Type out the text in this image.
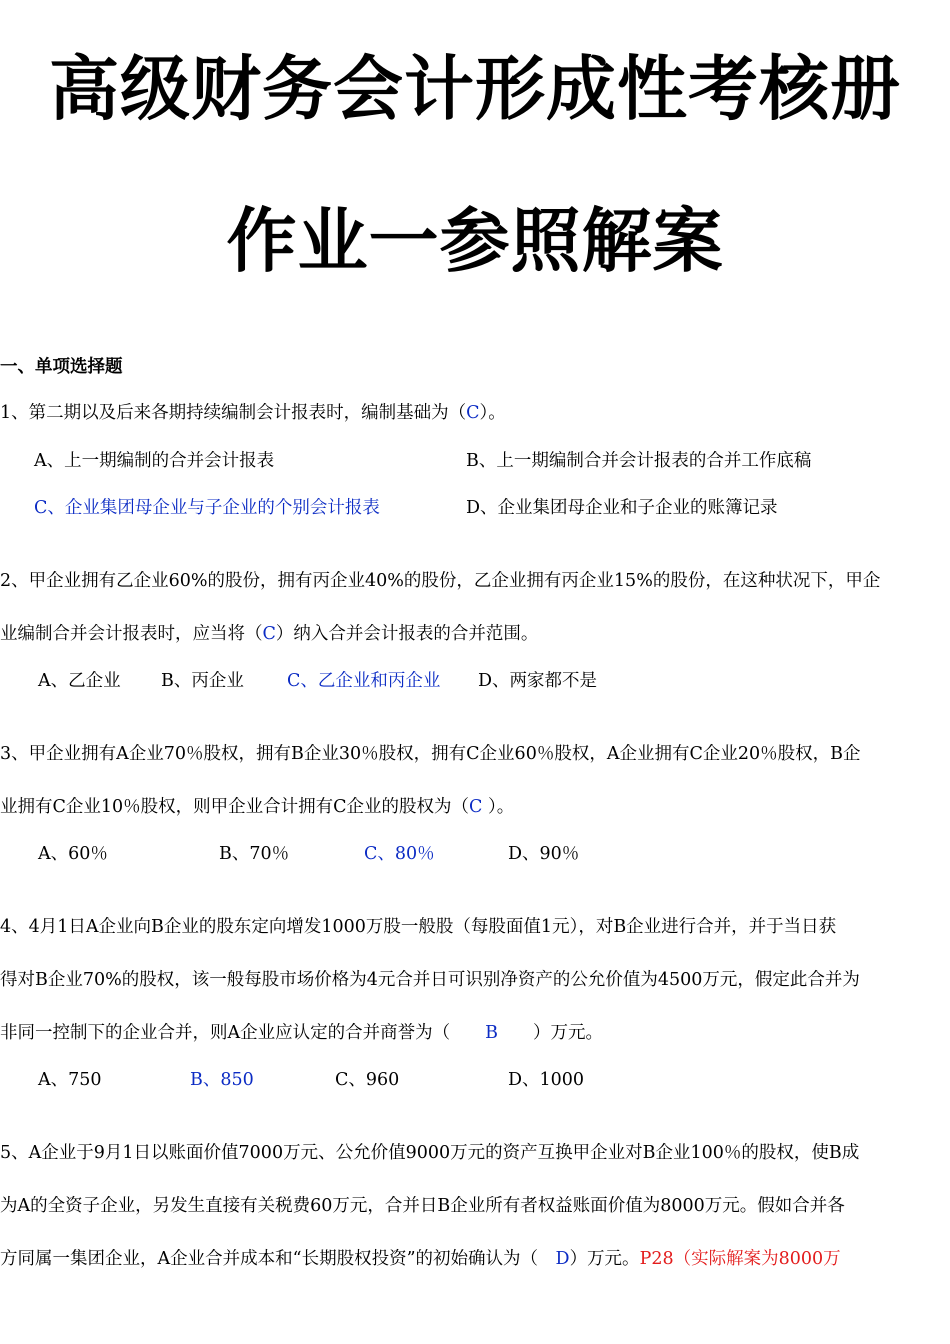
高级财务会计形成性考核册
作业一参照解案

一、单项选择题

1、第二期以及后来各期持续编制会计报表时，编制基础为（C）。

A、上一期编制的合并会计报表	B、上一期编制合并会计报表的合并工作底稿
C、企业集团母企业与子企业的个别会计报表	D、企业集团母企业和子企业的账簿记录

2、甲企业拥有乙企业60%的股份，拥有丙企业40%的股份，乙企业拥有丙企业15%的股份，在这种状况下，甲企

业编制合并会计报表时，应当将（C）纳入合并会计报表的合并范围。

A、乙企业 B、丙企业 C、乙企业和丙企业 D、两家都不是

3、甲企业拥有A企业70％股权，拥有B企业30％股权，拥有C企业60％股权，A企业拥有C企业20％股权，B企

业拥有C企业10％股权，则甲企业合计拥有C企业的股权为（C ）。

A、60％	B、70％	C、80％	D、90％

4、4月1日A企业向B企业的股东定向增发1000万股一般股（每股面值1元），对B企业进行合并，并于当日获

得对B企业70%的股权，该一般每股市场价格为4元合并日可识别净资产的公允价值为4500万元，假定此合并为

非同一控制下的企业合并，则A企业应认定的合并商誉为（　　B　　）万元。

A、750	B、850	C、960	D、1000

5、A企业于9月1日以账面价值7000万元、公允价值9000万元的资产互换甲企业对B企业100％的股权，使B成

为A的全资子企业，另发生直接有关税费60万元，合并日B企业所有者权益账面价值为8000万元。假如合并各

方同属一集团企业，A企业合并成本和“长期股权投资”的初始确认为（　D）万元。P28（实际解案为8000万
